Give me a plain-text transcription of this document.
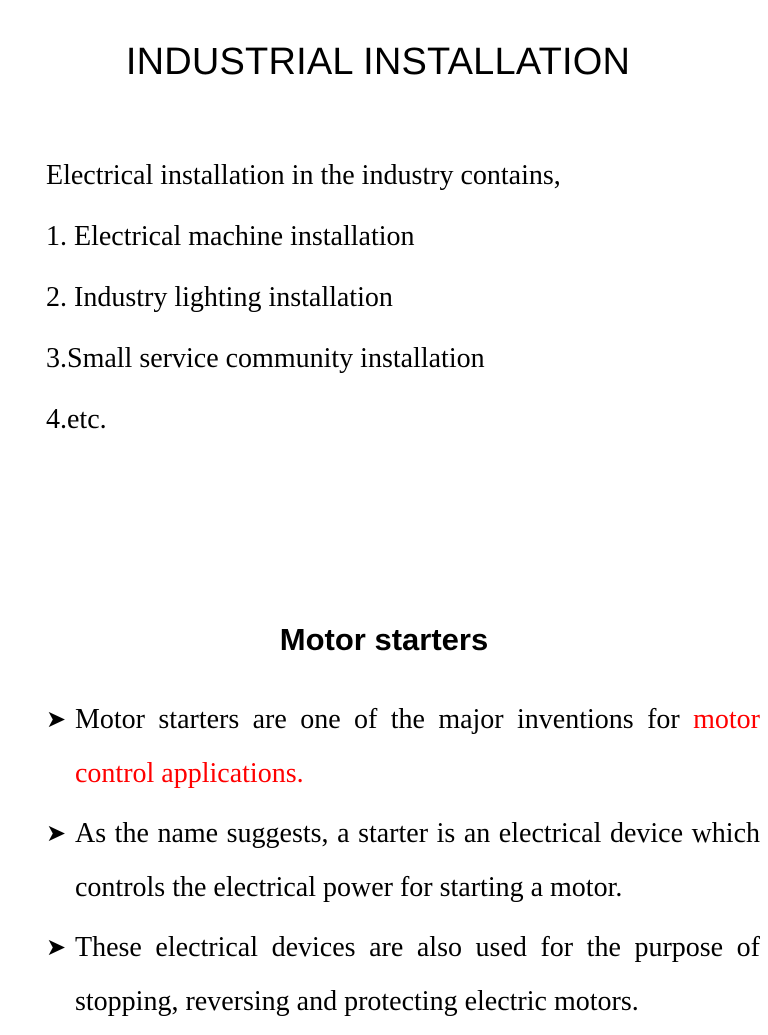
INDUSTRIAL INSTALLATION
Electrical installation in the industry contains,
1. Electrical machine installation
2. Industry lighting installation
3.Small service community installation
4.etc.
Motor starters
➤ Motor starters are one of the major inventions for motor control applications.
➤ As the name suggests, a starter is an electrical device which controls the electrical power for starting a motor.
➤ These electrical devices are also used for the purpose of stopping, reversing and protecting electric motors.
